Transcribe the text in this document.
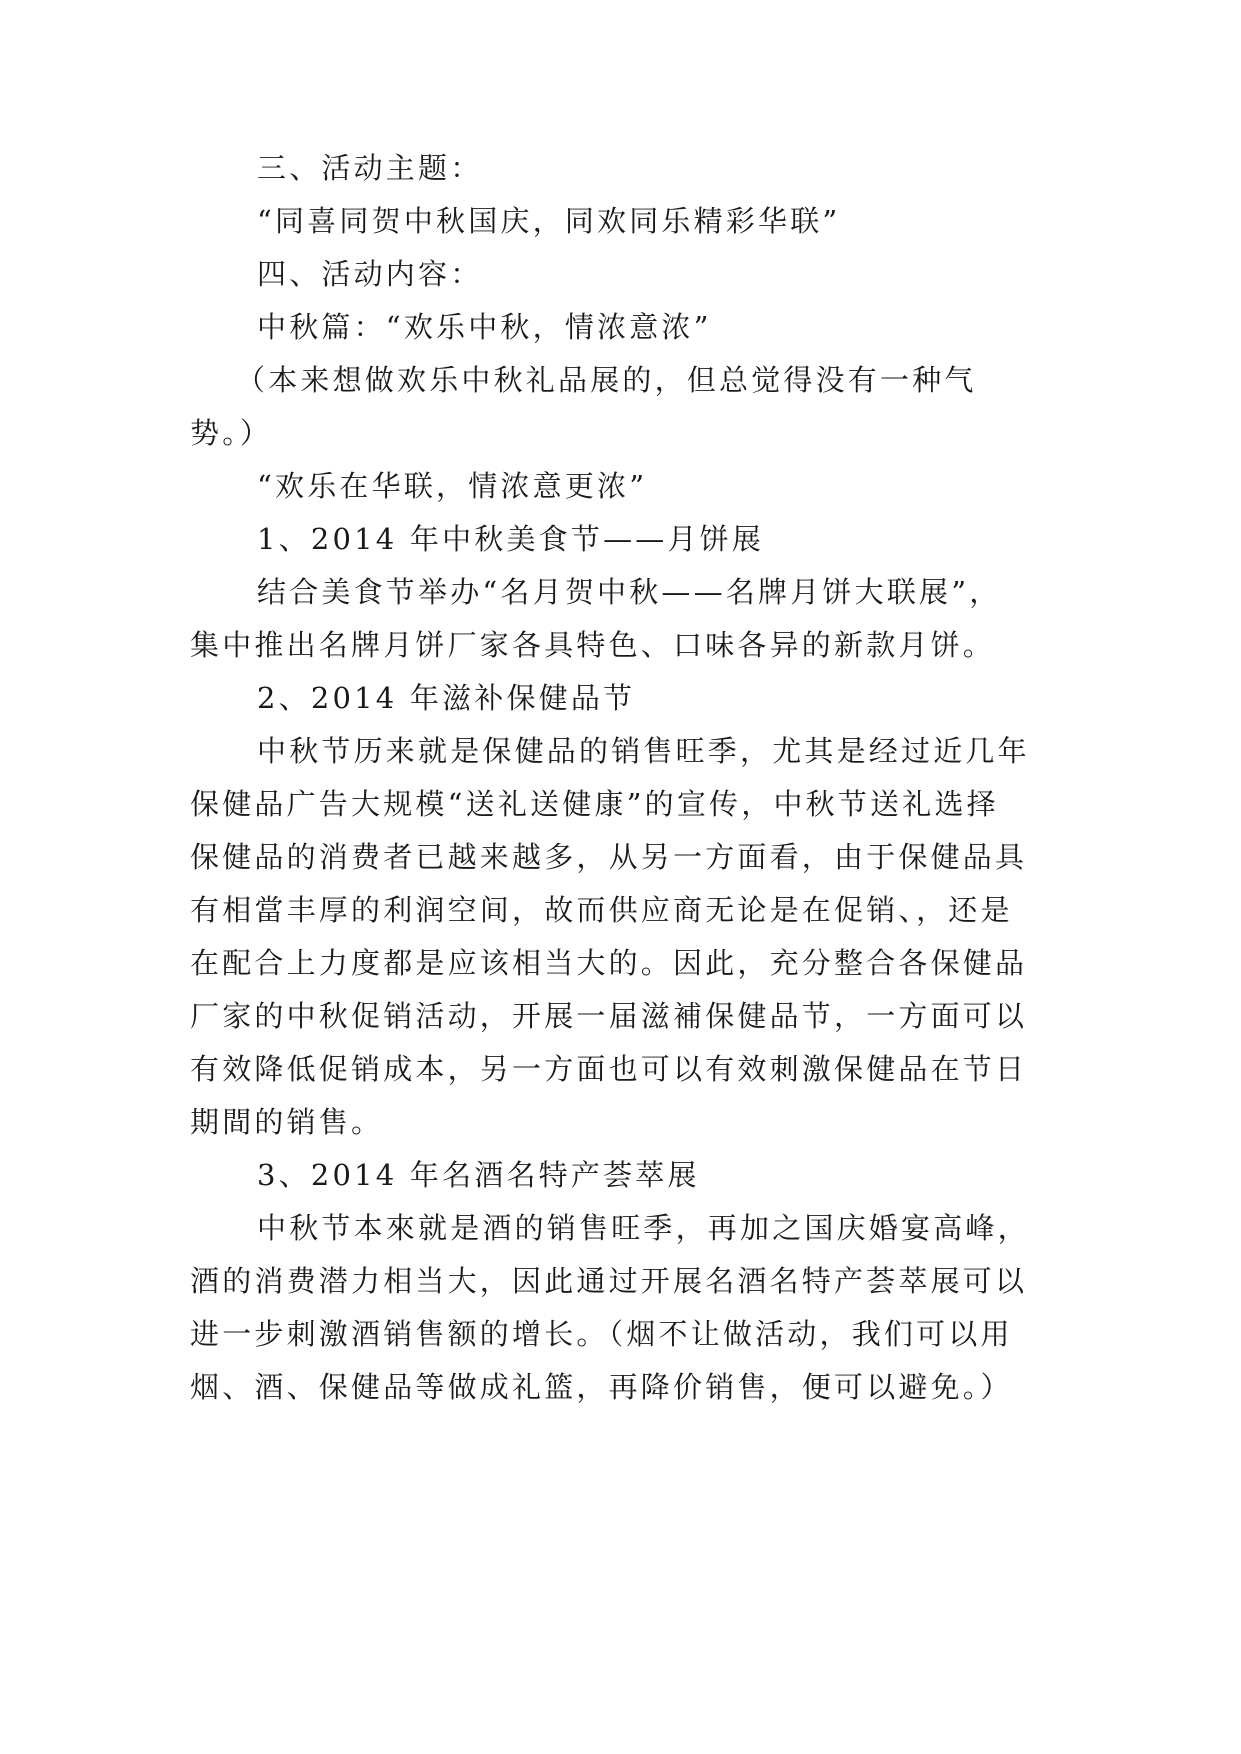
三、活动主题：
“同喜同贺中秋国庆，同欢同乐精彩华联”
四、活动内容：
中秋篇：“欢乐中秋，情浓意浓”
（本来想做欢乐中秋礼品展的，但总觉得没有一种气
势。）
“欢乐在华联，情浓意更浓”
1、2014 年中秋美食节——月饼展
结合美食节举办“名月贺中秋——名牌月饼大联展”，
集中推出名牌月饼厂家各具特色、口味各异的新款月饼。
2、2014 年滋补保健品节
中秋节历来就是保健品的销售旺季，尤其是经过近几年
保健品广告大规模“送礼送健康”的宣传，中秋节送礼选择
保健品的消费者已越来越多，从另一方面看，由于保健品具
有相當丰厚的利润空间，故而供应商无论是在促销、，还是
在配合上力度都是应该相当大的。因此，充分整合各保健品
厂家的中秋促销活动，开展一届滋補保健品节，一方面可以
有效降低促销成本，另一方面也可以有效刺激保健品在节日
期間的销售。
3、2014 年名酒名特产荟萃展
中秋节本來就是酒的销售旺季，再加之国庆婚宴高峰，
酒的消费潜力相当大，因此通过开展名酒名特产荟萃展可以
进一步刺激酒销售额的增长。（烟不让做活动，我们可以用
烟、酒、保健品等做成礼篮，再降价销售，便可以避免。）
